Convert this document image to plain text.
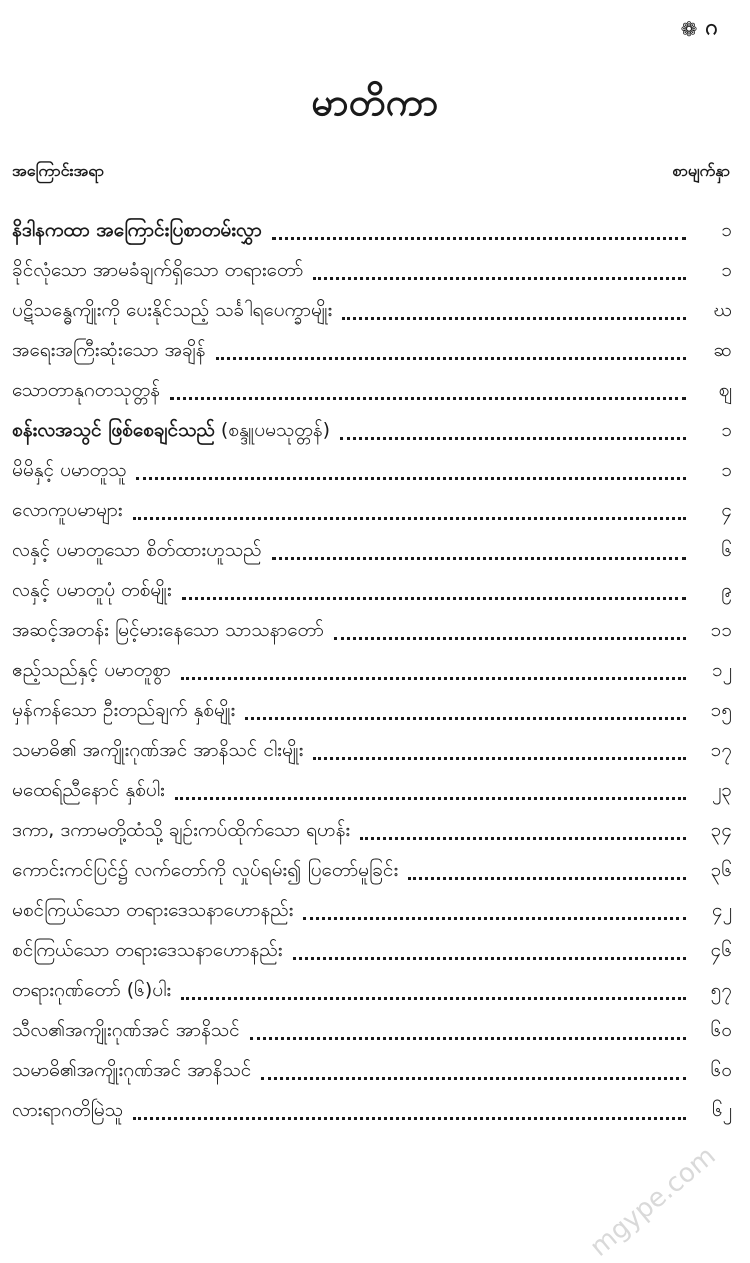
❁ ဂ
မာတိကာ
အကြောင်းအရာ	စာမျက်နှာ
နိဒါနကထာ အကြောင်းပြစာတမ်းလွှာ	၁
ခိုင်လုံသော အာမခံချက်ရှိသော တရားတော်	၁
ပဋိသန္ဓေကျိုးကို ပေးနိုင်သည့် သင်္ခါရပေက္ခာမျိုး	ဃ
အရေးအကြီးဆုံးသော အချိန်	ဆ
သောတာနုဂတသုတ္တန်	ဈ
စန်းလအသွင် ဖြစ်စေချင်သည် (စန္ဒူပမသုတ္တန်)	၁
မိမိနှင့် ပမာတူသူ	၁
လောကူပမာများ	၄
လနှင့် ပမာတူသော စိတ်ထားဟူသည်	၆
လနှင့် ပမာတူပုံ တစ်မျိုး	၉
အဆင့်အတန်း မြင့်မားနေသော သာသနာတော်	၁၁
ဧည့်သည်နှင့် ပမာတူစွာ	၁၂
မှန်ကန်သော ဦးတည်ချက် နှစ်မျိုး	၁၅
သမာဓိ၏ အကျိုးဂုဏ်အင် အာနိသင် ငါးမျိုး	၁၇
မထေရ်ညီနောင် နှစ်ပါး	၂၃
ဒကာ, ဒကာမတို့ထံသို့ ချဉ်းကပ်ထိုက်သော ရဟန်း	၃၄
ကောင်းကင်ပြင်၌ လက်တော်ကို လှုပ်ရမ်း၍ ပြတော်မူခြင်း	၃၆
မစင်ကြယ်သော တရားဒေသနာဟောနည်း	၄၂
စင်ကြယ်သော တရားဒေသနာဟောနည်း	၄၆
တရားဂုဏ်တော် (၆)ပါး	၅၇
သီလ၏အကျိုးဂုဏ်အင် အာနိသင်	၆၀
သမာဓိ၏အကျိုးဂုဏ်အင် အာနိသင်	၆၀
လားရာဂတိမြဲသူ	၆၂
mgype.com
